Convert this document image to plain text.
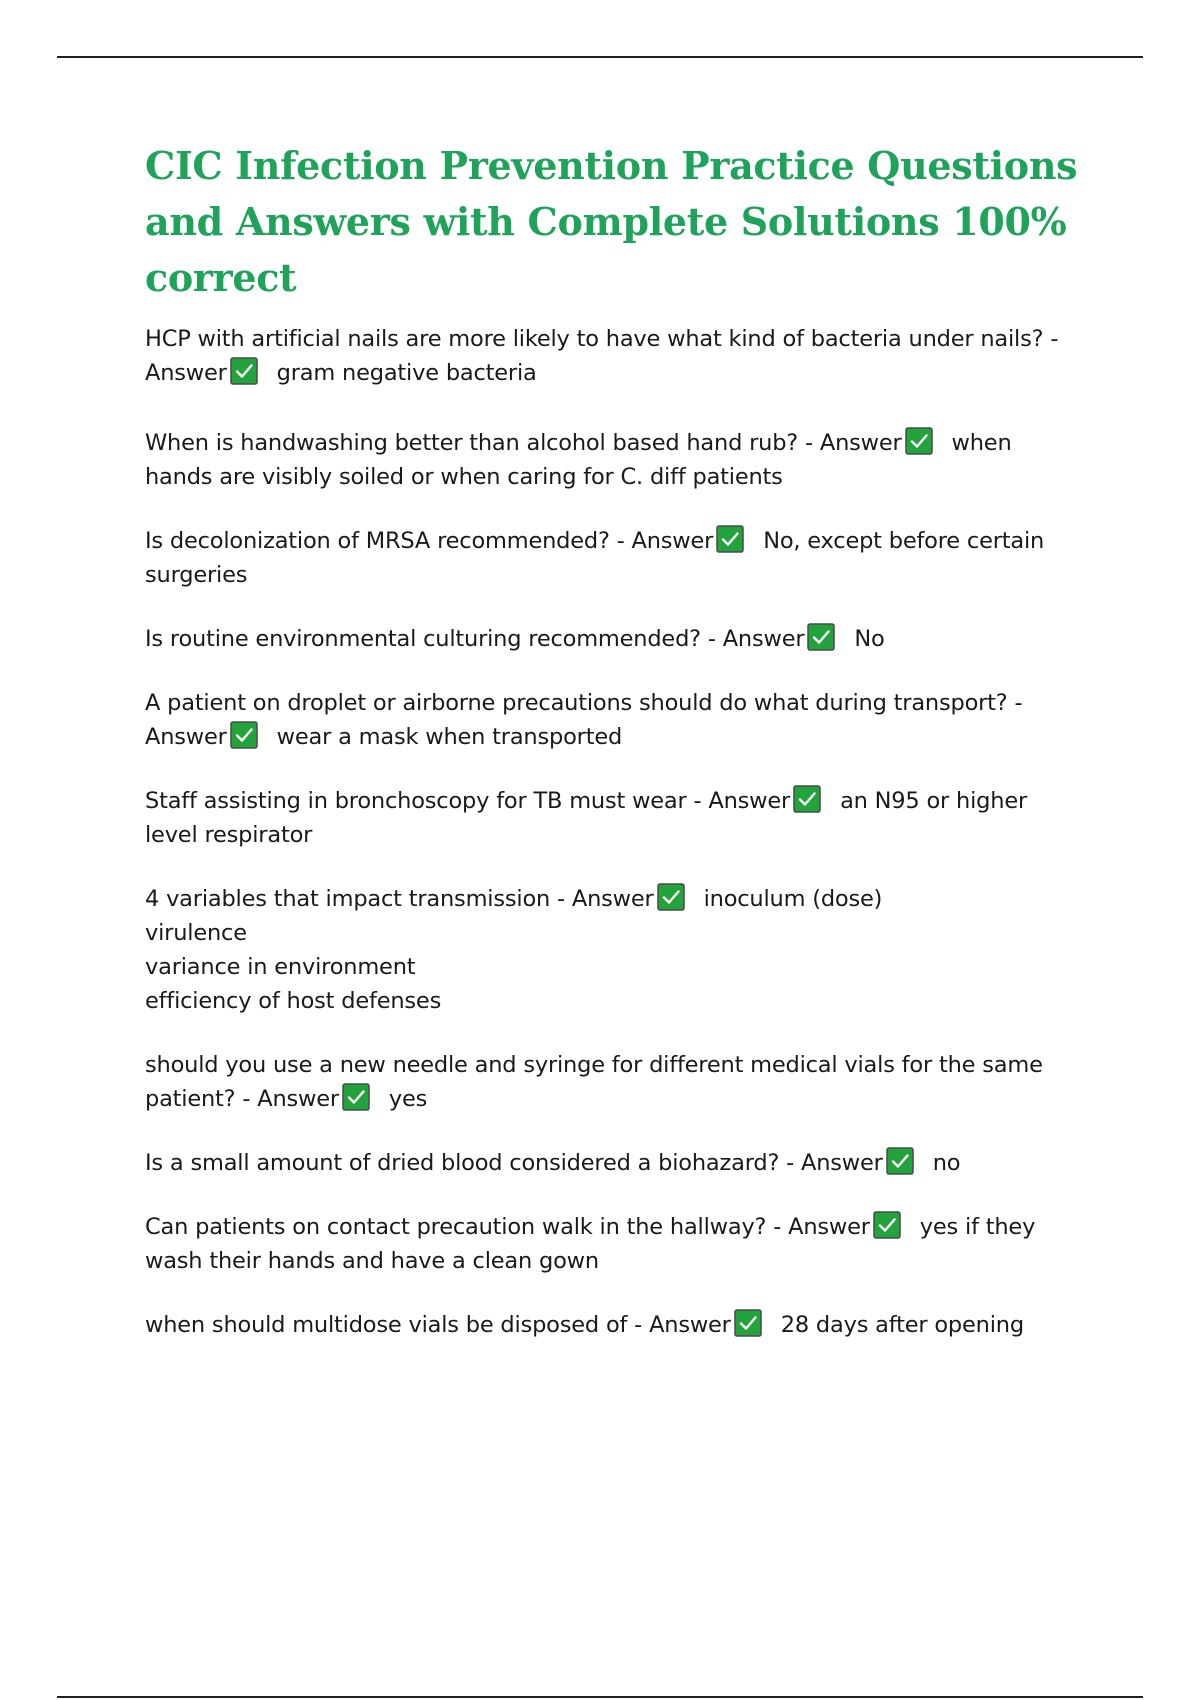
CIC Infection Prevention Practice Questions and Answers with Complete Solutions 100% correct

HCP with artificial nails are more likely to have what kind of bacteria under nails? - Answer gram negative bacteria

When is handwashing better than alcohol based hand rub? - Answer when
hands are visibly soiled or when caring for C. diff patients

Is decolonization of MRSA recommended? - Answer No, except before certain
surgeries

Is routine environmental culturing recommended? - Answer No

A patient on droplet or airborne precautions should do what during transport? - Answer wear a mask when transported

Staff assisting in bronchoscopy for TB must wear - Answer an N95 or higher
level respirator

4 variables that impact transmission - Answer inoculum (dose)
virulence
variance in environment
efficiency of host defenses

should you use a new needle and syringe for different medical vials for the same patient? - Answer yes

Is a small amount of dried blood considered a biohazard? - Answer no

Can patients on contact precaution walk in the hallway? - Answer yes if they
wash their hands and have a clean gown

when should multidose vials be disposed of - Answer 28 days after opening
